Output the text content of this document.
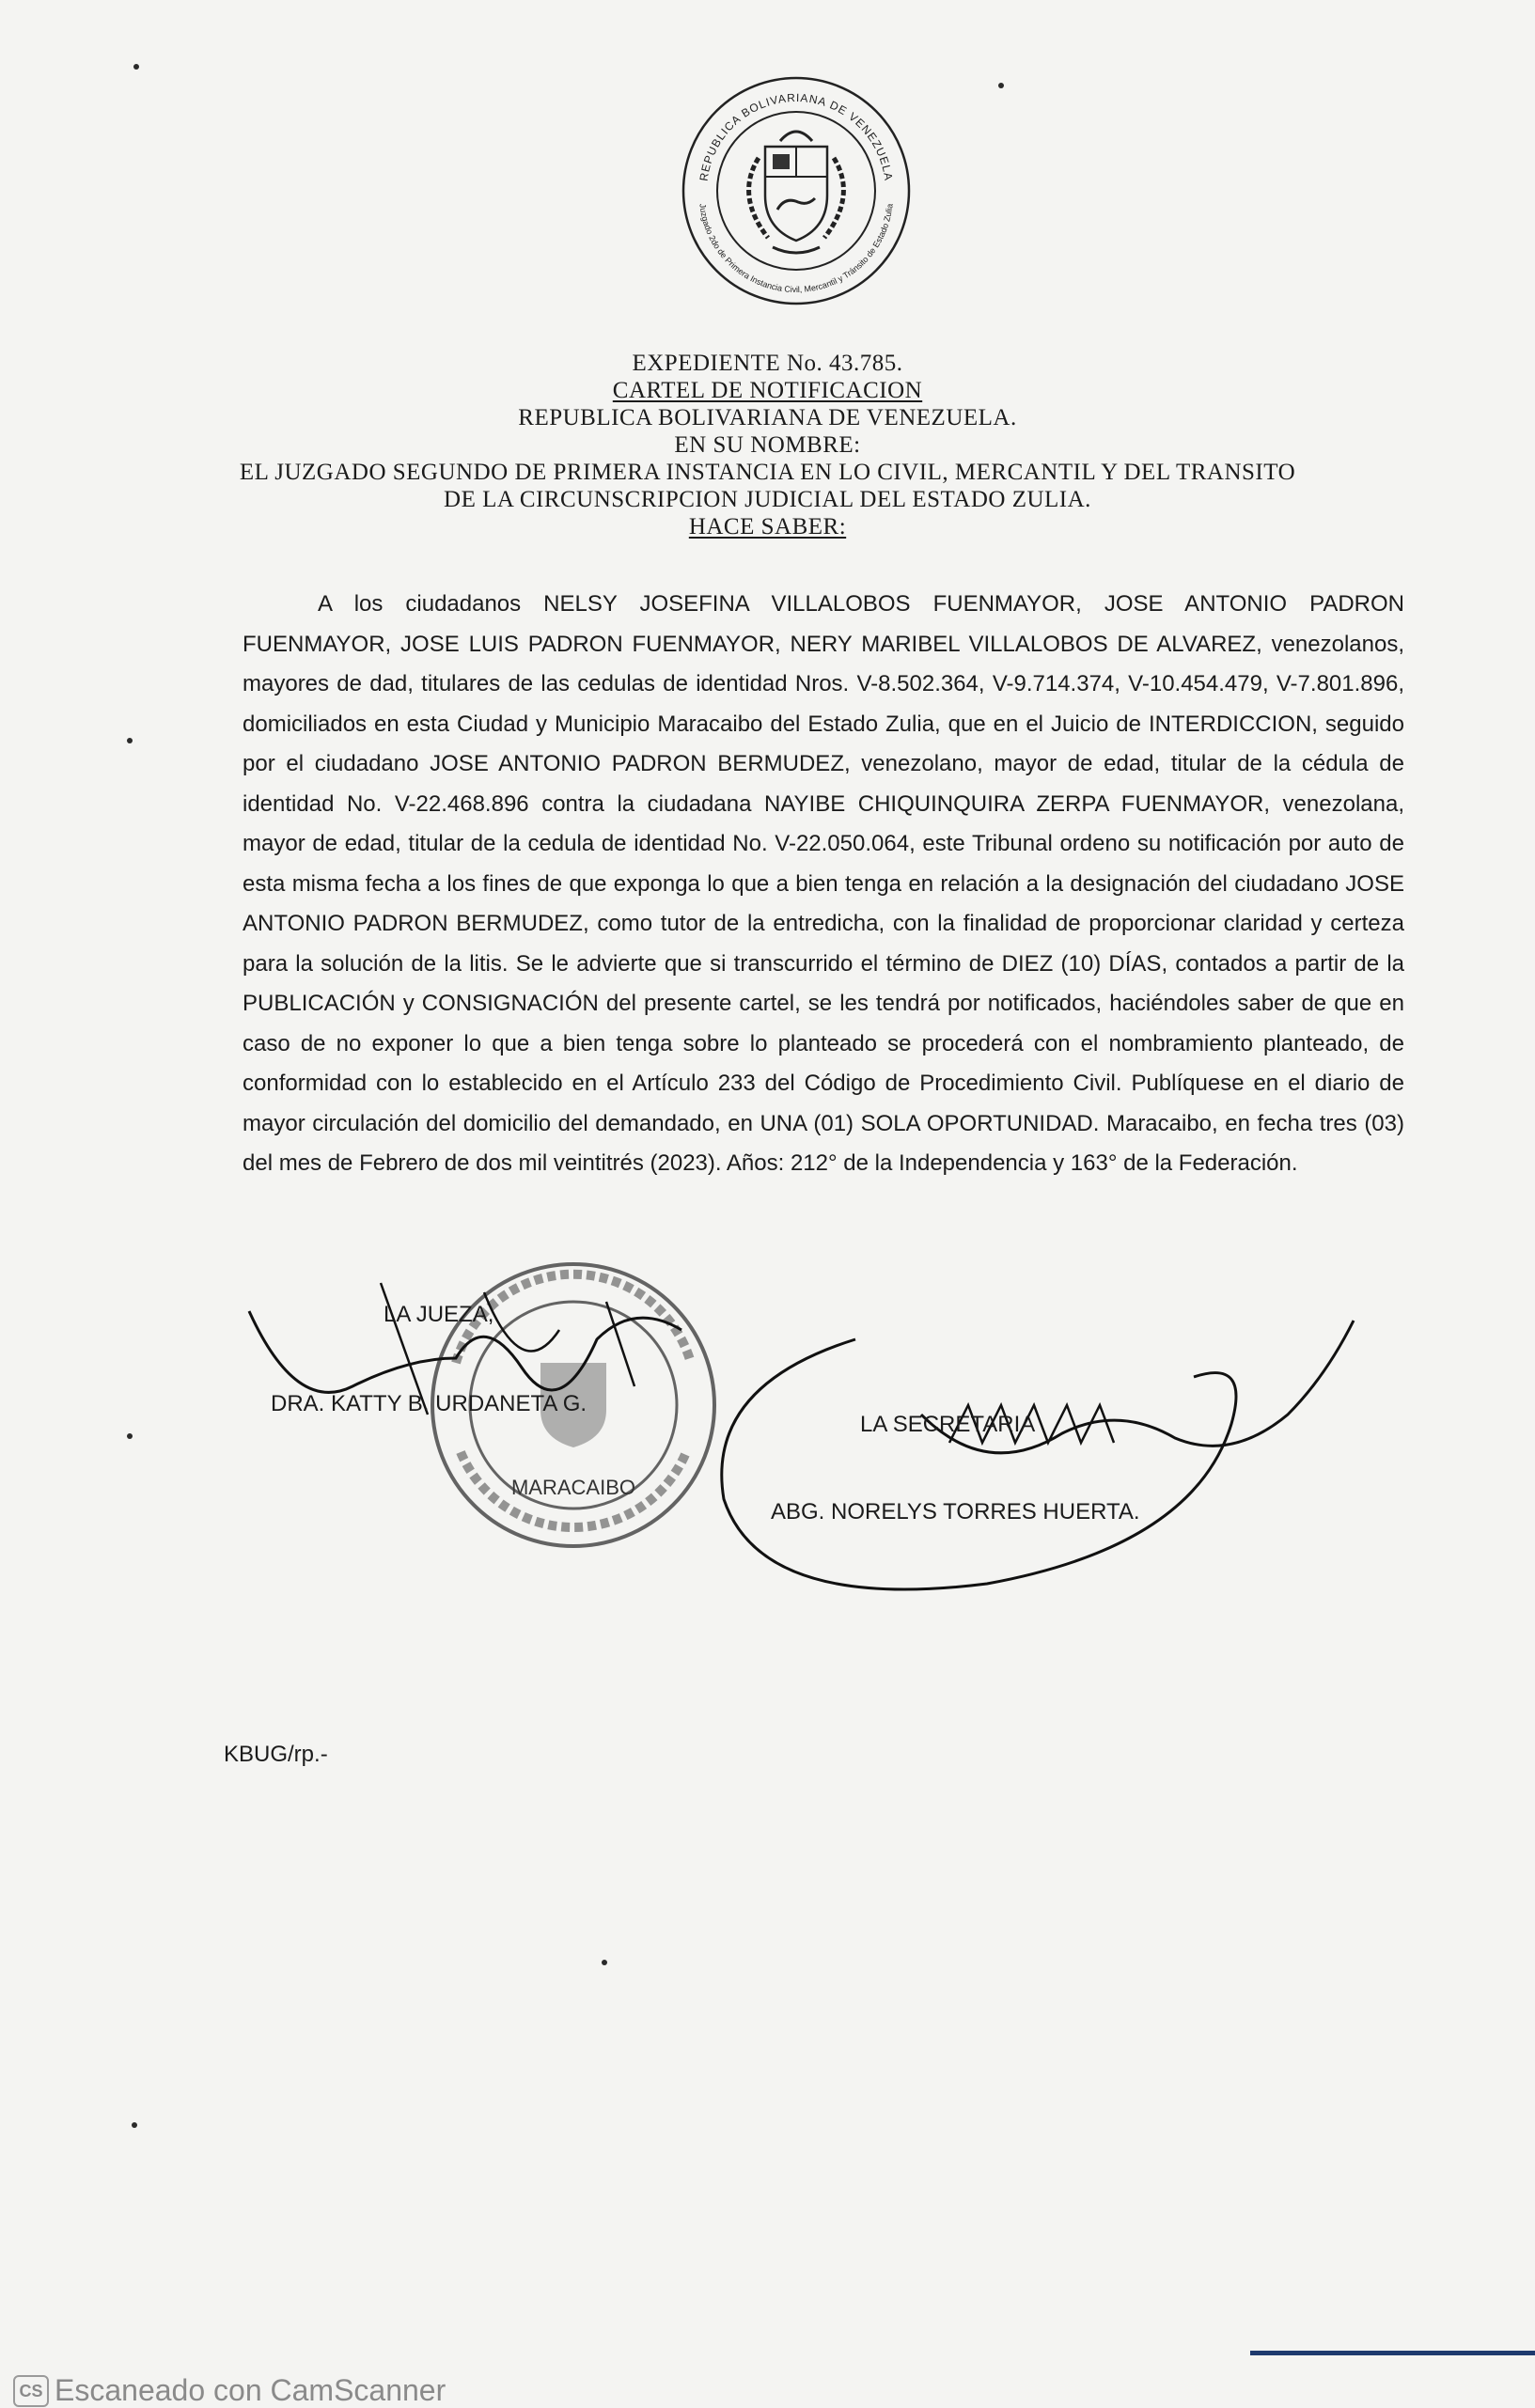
REPUBLICA BOLIVARIANA DE VENEZUELA
Juzgado 2do de Primera Instancia Civil, Mercantil y Tránsito de Estado Zulia
EXPEDIENTE No. 43.785.
CARTEL DE NOTIFICACION
REPUBLICA BOLIVARIANA DE VENEZUELA.
EN SU NOMBRE:
EL JUZGADO SEGUNDO DE PRIMERA INSTANCIA EN LO CIVIL, MERCANTIL Y DEL TRANSITO
DE LA CIRCUNSCRIPCION JUDICIAL DEL ESTADO ZULIA.
HACE SABER:
A los ciudadanos NELSY JOSEFINA VILLALOBOS FUENMAYOR, JOSE ANTONIO PADRON FUENMAYOR, JOSE LUIS PADRON FUENMAYOR, NERY MARIBEL VILLALOBOS DE ALVAREZ, venezolanos, mayores de dad, titulares de las cedulas de identidad Nros. V-8.502.364, V-9.714.374, V-10.454.479, V-7.801.896, domiciliados en esta Ciudad y Municipio Maracaibo del Estado Zulia, que en el Juicio de INTERDICCION, seguido por el ciudadano JOSE ANTONIO PADRON BERMUDEZ, venezolano, mayor de edad, titular de la cédula de identidad No. V-22.468.896 contra la ciudadana NAYIBE CHIQUINQUIRA ZERPA FUENMAYOR, venezolana, mayor de edad, titular de la cedula de identidad No. V-22.050.064, este Tribunal ordeno su notificación por auto de esta misma fecha a los fines de que exponga lo que a bien tenga en relación a la designación del ciudadano JOSE ANTONIO PADRON BERMUDEZ, como tutor de la entredicha, con la finalidad de proporcionar claridad y certeza para la solución de la litis. Se le advierte que si transcurrido el término de DIEZ (10) DÍAS, contados a partir de la PUBLICACIÓN y CONSIGNACIÓN del presente cartel, se les tendrá por notificados, haciéndoles saber de que en caso de no exponer lo que a bien tenga sobre lo planteado se procederá con el nombramiento planteado, de conformidad con lo establecido en el Artículo 233 del Código de Procedimiento Civil. Publíquese en el diario de mayor circulación del domicilio del demandado, en UNA (01) SOLA OPORTUNIDAD. Maracaibo, en fecha tres (03) del mes de Febrero de dos mil veintitrés (2023). Años: 212° de la Independencia y 163° de la Federación.
MARACAIBO
LA JUEZA,
DRA. KATTY B. URDANETA G.
LA SECRETARIA
ABG. NORELYS TORRES HUERTA.
KBUG/rp.-
CS Escaneado con CamScanner
